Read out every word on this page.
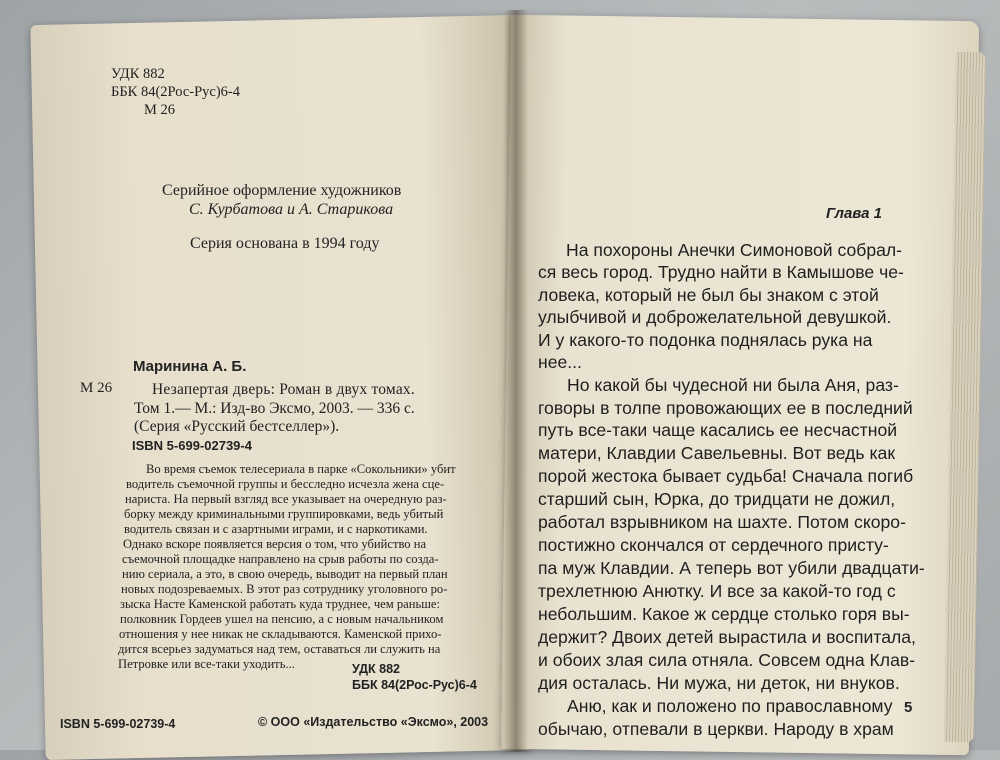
УДК 882
ББК 84(2Рос-Рус)6-4
М 26
Серийное оформление художников
С. Курбатова и А. Старикова
Серия основана в 1994 году
Маринина А. Б.
М 26	Незапертая дверь: Роман в двух томах.
Том 1.— М.: Изд-во Эксмо, 2003. — 336 с.
(Серия «Русский бестселлер»).
ISBN 5-699-02739-4
Во время съемок телесериала в парке «Сокольники» убит
водитель съемочной группы и бесследно исчезла жена сце-
нариста. На первый взгляд все указывает на очередную раз-
борку между криминальными группировками, ведь убитый
водитель связан и с азартными играми, и с наркотиками.
Однако вскоре появляется версия о том, что убийство на
съемочной площадке направлено на срыв работы по созда-
нию сериала, а это, в свою очередь, выводит на первый план
новых подозреваемых. В этот раз сотруднику уголовного ро-
зыска Насте Каменской работать куда труднее, чем раньше:
полковник Гордеев ушел на пенсию, а с новым начальником
отношения у нее никак не складываются. Каменской прихо-
дится всерьез задуматься над тем, оставаться ли служить на
Петровке или все-таки уходить...	УДК 882
ББК 84(2Рос-Рус)6-4
ISBN 5-699-02739-4	© ООО «Издательство «Эксмо», 2003
Глава 1
На похороны Анечки Симоновой собрал-
ся весь город. Трудно найти в Камышове че-
ловека, который не был бы знаком с этой
улыбчивой и доброжелательной девушкой.
И у какого-то подонка поднялась рука на
нее...
Но какой бы чудесной ни была Аня, раз-
говоры в толпе провожающих ее в последний
путь все-таки чаще касались ее несчастной
матери, Клавдии Савельевны. Вот ведь как
порой жестока бывает судьба! Сначала погиб
старший сын, Юрка, до тридцати не дожил,
работал взрывником на шахте. Потом скоро-
постижно скончался от сердечного присту-
па муж Клавдии. А теперь вот убили двадцати-
трехлетнюю Анютку. И все за какой-то год с
небольшим. Какое ж сердце столько горя вы-
держит? Двоих детей вырастила и воспитала,
и обоих злая сила отняла. Совсем одна Клав-
дия осталась. Ни мужа, ни деток, ни внуков.
Аню, как и положено по православному
обычаю, отпевали в церкви. Народу в храм
5
